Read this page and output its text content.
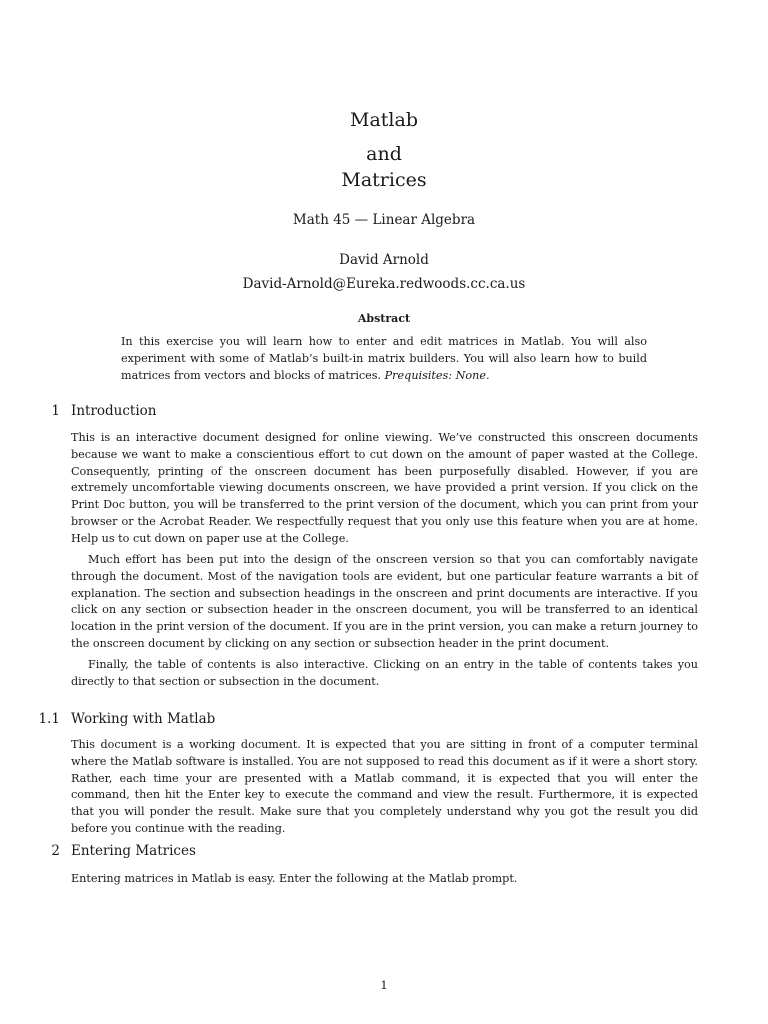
Matlab
and
Matrices
Math 45 — Linear Algebra
David Arnold
David-Arnold@Eureka.redwoods.cc.ca.us
Abstract

In this exercise you will learn how to enter and edit matrices in Matlab. You will also experiment with some of Matlab’s built-in matrix builders. You will also learn how to build matrices from vectors and blocks of matrices. Prequisites: None.

1 Introduction

This is an interactive document designed for online viewing. We’ve constructed this onscreen documents because we want to make a conscientious effort to cut down on the amount of paper wasted at the College. Consequently, printing of the onscreen document has been purposefully disabled. However, if you are extremely uncomfortable viewing documents onscreen, we have provided a print version. If you click on the Print Doc button, you will be transferred to the print version of the document, which you can print from your browser or the Acrobat Reader. We respectfully request that you only use this feature when you are at home. Help us to cut down on paper use at the College.

Much effort has been put into the design of the onscreen version so that you can comfortably navigate through the document. Most of the navigation tools are evident, but one particular feature warrants a bit of explanation. The section and subsection headings in the onscreen and print documents are interactive. If you click on any section or subsection header in the onscreen document, you will be transferred to an identical location in the print version of the document. If you are in the print version, you can make a return journey to the onscreen document by clicking on any section or subsection header in the print document.

Finally, the table of contents is also interactive. Clicking on an entry in the table of contents takes you directly to that section or subsection in the document.

1.1 Working with Matlab

This document is a working document. It is expected that you are sitting in front of a computer terminal where the Matlab software is installed. You are not supposed to read this document as if it were a short story. Rather, each time your are presented with a Matlab command, it is expected that you will enter the command, then hit the Enter key to execute the command and view the result. Furthermore, it is expected that you will ponder the result. Make sure that you completely understand why you got the result you did before you continue with the reading.

2 Entering Matrices

Entering matrices in Matlab is easy. Enter the following at the Matlab prompt.

1
